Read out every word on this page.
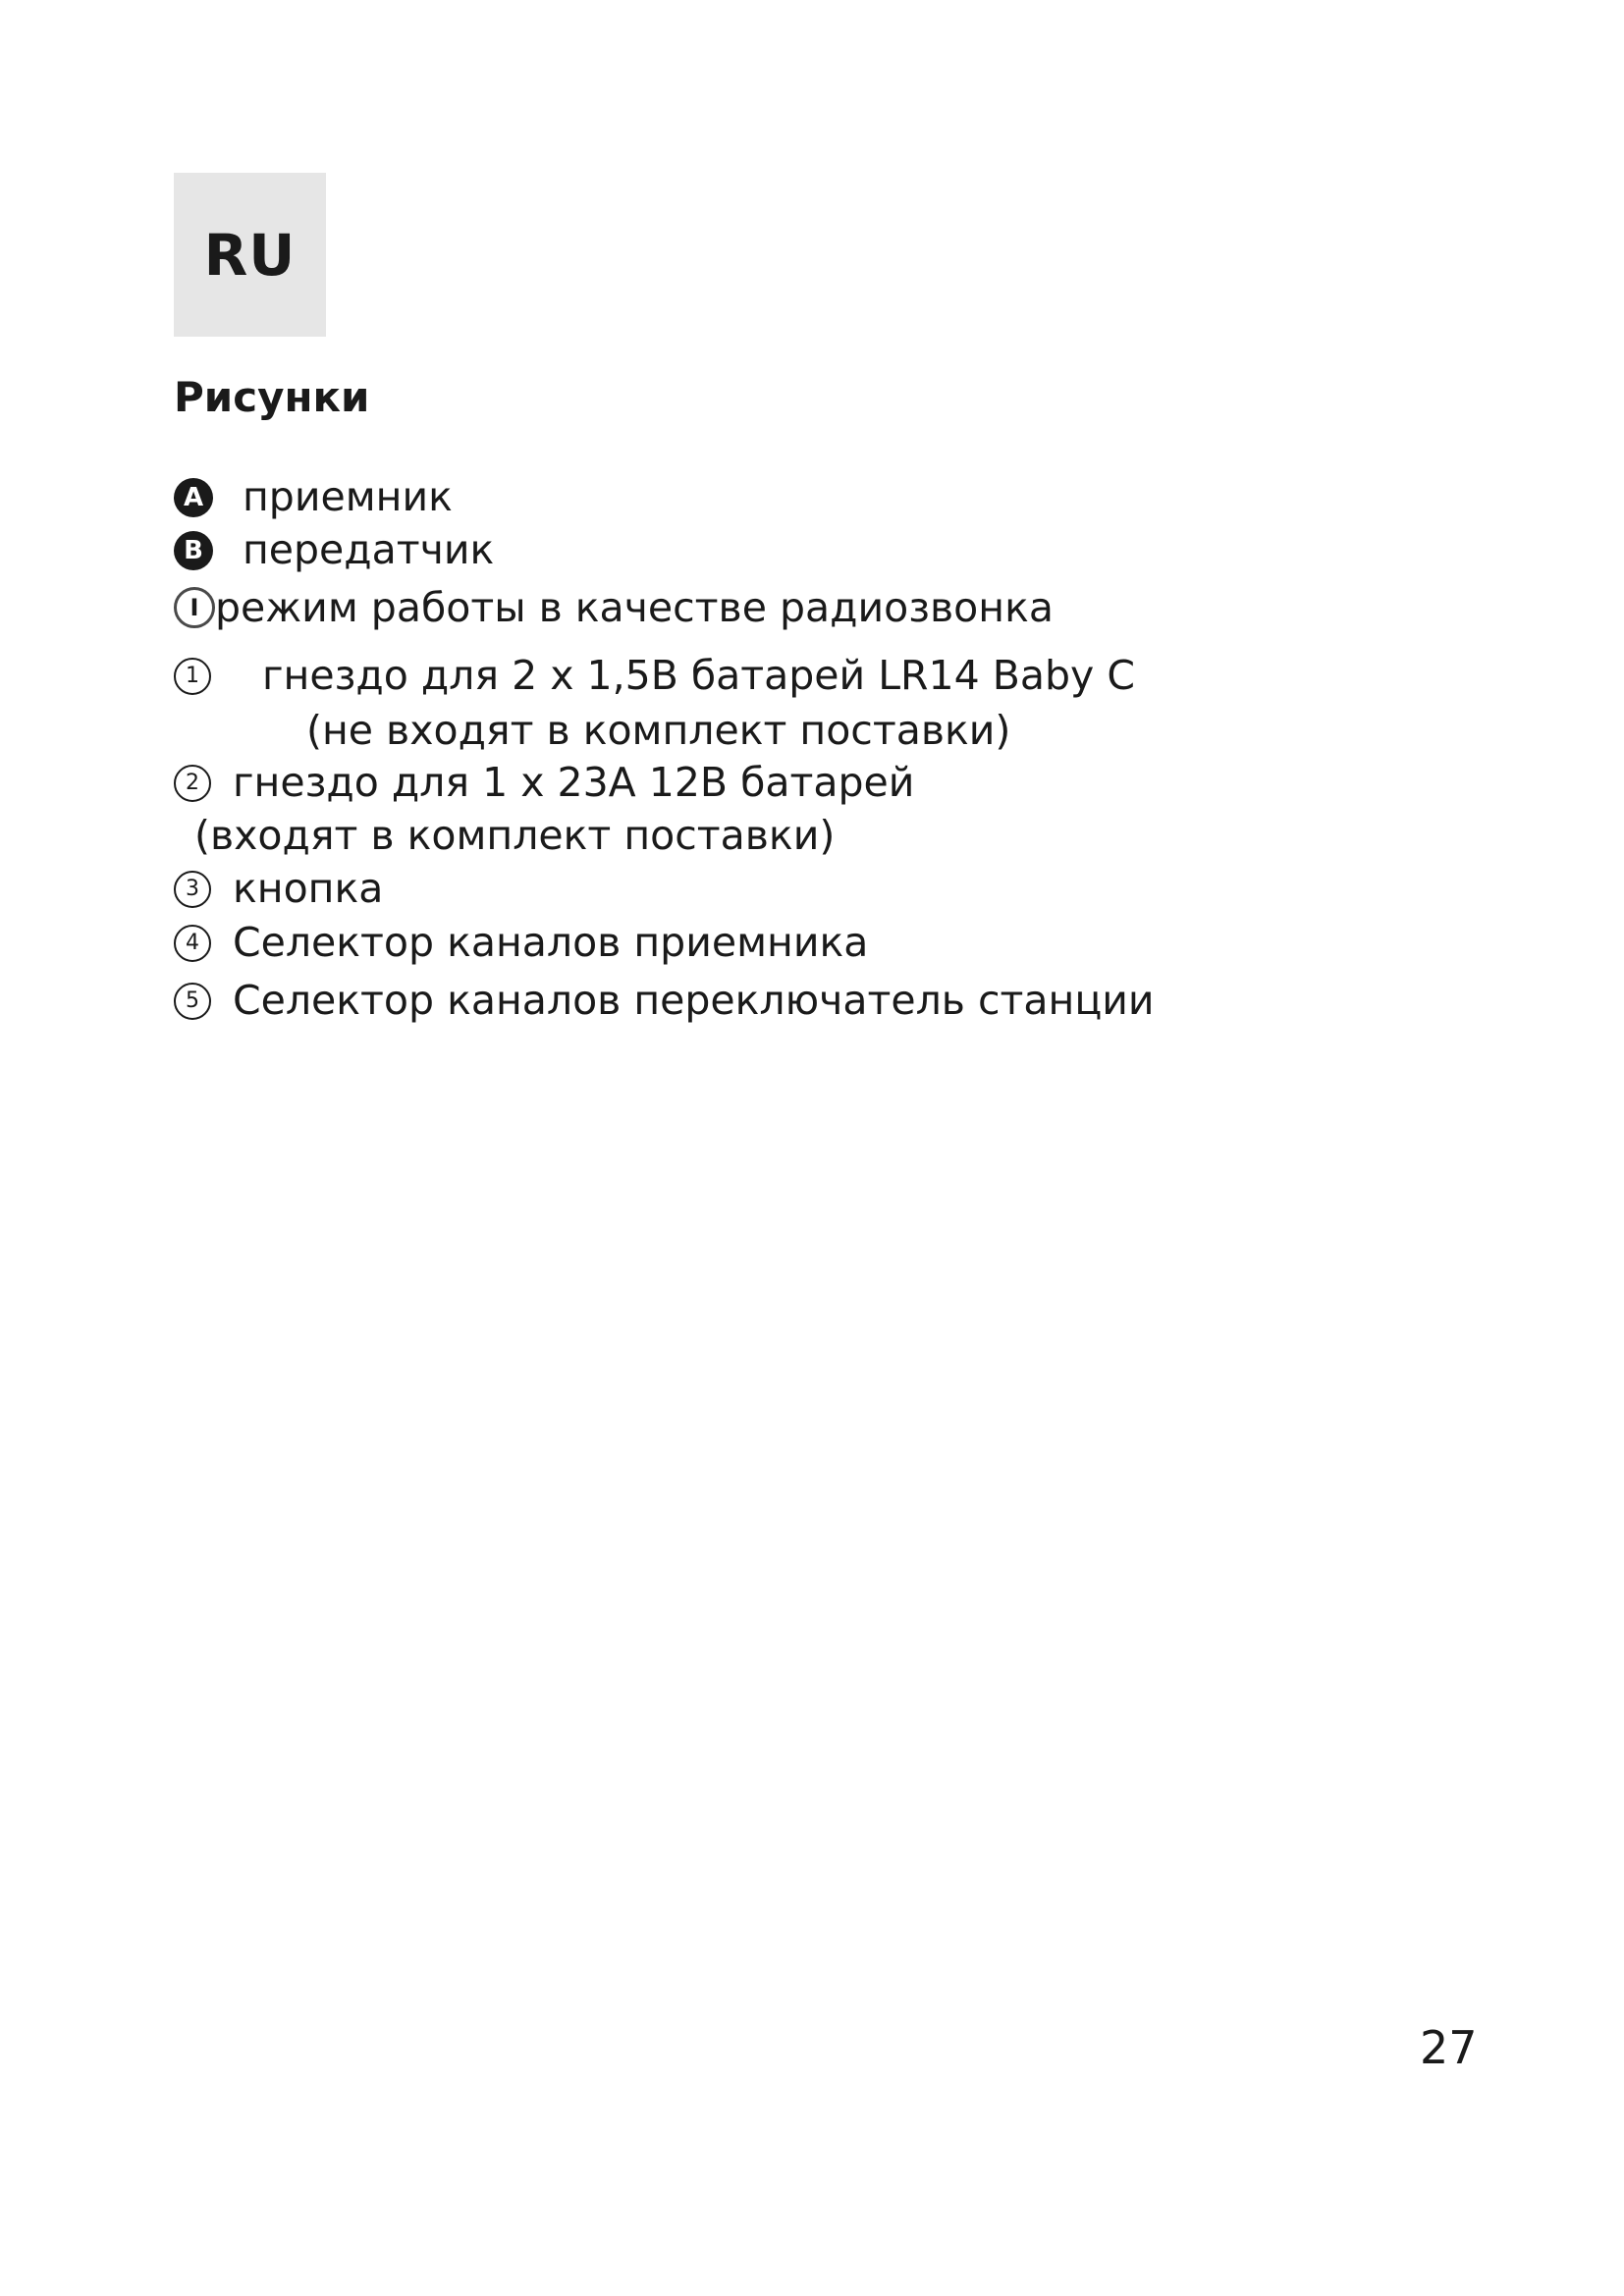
RU
Рисунки
A приемник
B передатчик
I режим работы в качестве радиозвонка
1 гнездо для 2 x 1,5В батарей LR14 Baby C
(не входят в комплект поставки)
2 гнездо для 1 x 23А 12В батарей
(входят в комплект поставки)
3 кнопка
4 Селектор каналов приемника
5 Селектор каналов переключатель станции
27
